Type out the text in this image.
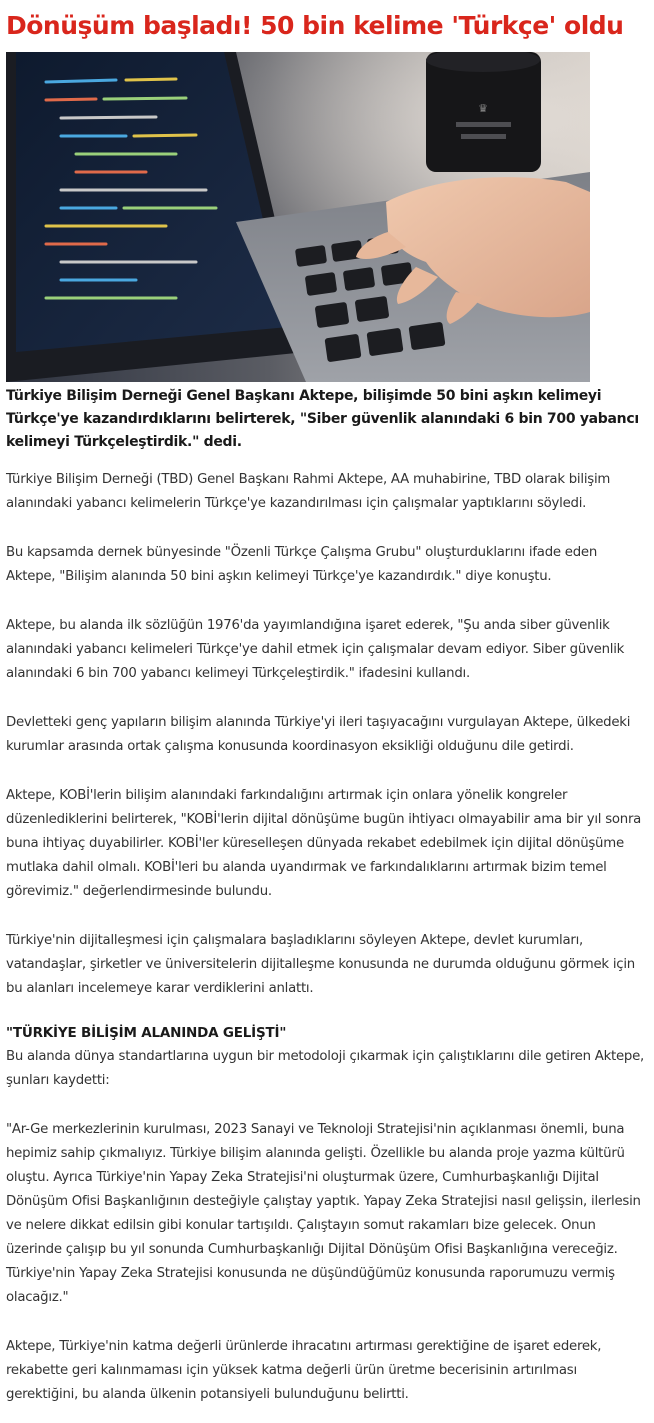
Dönüşüm başladı! 50 bin kelime 'Türkçe' oldu
♛

Türkiye Bilişim Derneği Genel Başkanı Aktepe, bilişimde 50 bini aşkın kelimeyi Türkçe'ye kazandırdıklarını belirterek, "Siber güvenlik alanındaki 6 bin 700 yabancı kelimeyi Türkçeleştirdik." dedi.

Türkiye Bilişim Derneği (TBD) Genel Başkanı Rahmi Aktepe, AA muhabirine, TBD olarak bilişim alanındaki yabancı kelimelerin Türkçe'ye kazandırılması için çalışmalar yaptıklarını söyledi.

Bu kapsamda dernek bünyesinde "Özenli Türkçe Çalışma Grubu" oluşturduklarını ifade eden Aktepe, "Bilişim alanında 50 bini aşkın kelimeyi Türkçe'ye kazandırdık." diye konuştu.

Aktepe, bu alanda ilk sözlüğün 1976'da yayımlandığına işaret ederek, "Şu anda siber güvenlik alanındaki yabancı kelimeleri Türkçe'ye dahil etmek için çalışmalar devam ediyor. Siber güvenlik alanındaki 6 bin 700 yabancı kelimeyi Türkçeleştirdik." ifadesini kullandı.

Devletteki genç yapıların bilişim alanında Türkiye'yi ileri taşıyacağını vurgulayan Aktepe, ülkedeki kurumlar arasında ortak çalışma konusunda koordinasyon eksikliği olduğunu dile getirdi.

Aktepe, KOBİ'lerin bilişim alanındaki farkındalığını artırmak için onlara yönelik kongreler düzenlediklerini belirterek, "KOBİ'lerin dijital dönüşüme bugün ihtiyacı olmayabilir ama bir yıl sonra buna ihtiyaç duyabilirler. KOBİ'ler küreselleşen dünyada rekabet edebilmek için dijital dönüşüme mutlaka dahil olmalı. KOBİ'leri bu alanda uyandırmak ve farkındalıklarını artırmak bizim temel görevimiz." değerlendirmesinde bulundu.

Türkiye'nin dijitalleşmesi için çalışmalara başladıklarını söyleyen Aktepe, devlet kurumları, vatandaşlar, şirketler ve üniversitelerin dijitalleşme konusunda ne durumda olduğunu görmek için bu alanları incelemeye karar verdiklerini anlattı.

"TÜRKİYE BİLİŞİM ALANINDA GELİŞTİ"

Bu alanda dünya standartlarına uygun bir metodoloji çıkarmak için çalıştıklarını dile getiren Aktepe, şunları kaydetti:

"Ar-Ge merkezlerinin kurulması, 2023 Sanayi ve Teknoloji Stratejisi'nin açıklanması önemli, buna hepimiz sahip çıkmalıyız. Türkiye bilişim alanında gelişti. Özellikle bu alanda proje yazma kültürü oluştu. Ayrıca Türkiye'nin Yapay Zeka Stratejisi'ni oluşturmak üzere, Cumhurbaşkanlığı Dijital Dönüşüm Ofisi Başkanlığının desteğiyle çalıştay yaptık. Yapay Zeka Stratejisi nasıl gelişsin, ilerlesin ve nelere dikkat edilsin gibi konular tartışıldı. Çalıştayın somut rakamları bize gelecek. Onun üzerinde çalışıp bu yıl sonunda Cumhurbaşkanlığı Dijital Dönüşüm Ofisi Başkanlığına vereceğiz. Türkiye'nin Yapay Zeka Stratejisi konusunda ne düşündüğümüz konusunda raporumuzu vermiş olacağız."

Aktepe, Türkiye'nin katma değerli ürünlerde ihracatını artırması gerektiğine de işaret ederek, rekabette geri kalınmaması için yüksek katma değerli ürün üretme becerisinin artırılması gerektiğini, bu alanda ülkenin potansiyeli bulunduğunu belirtti.
